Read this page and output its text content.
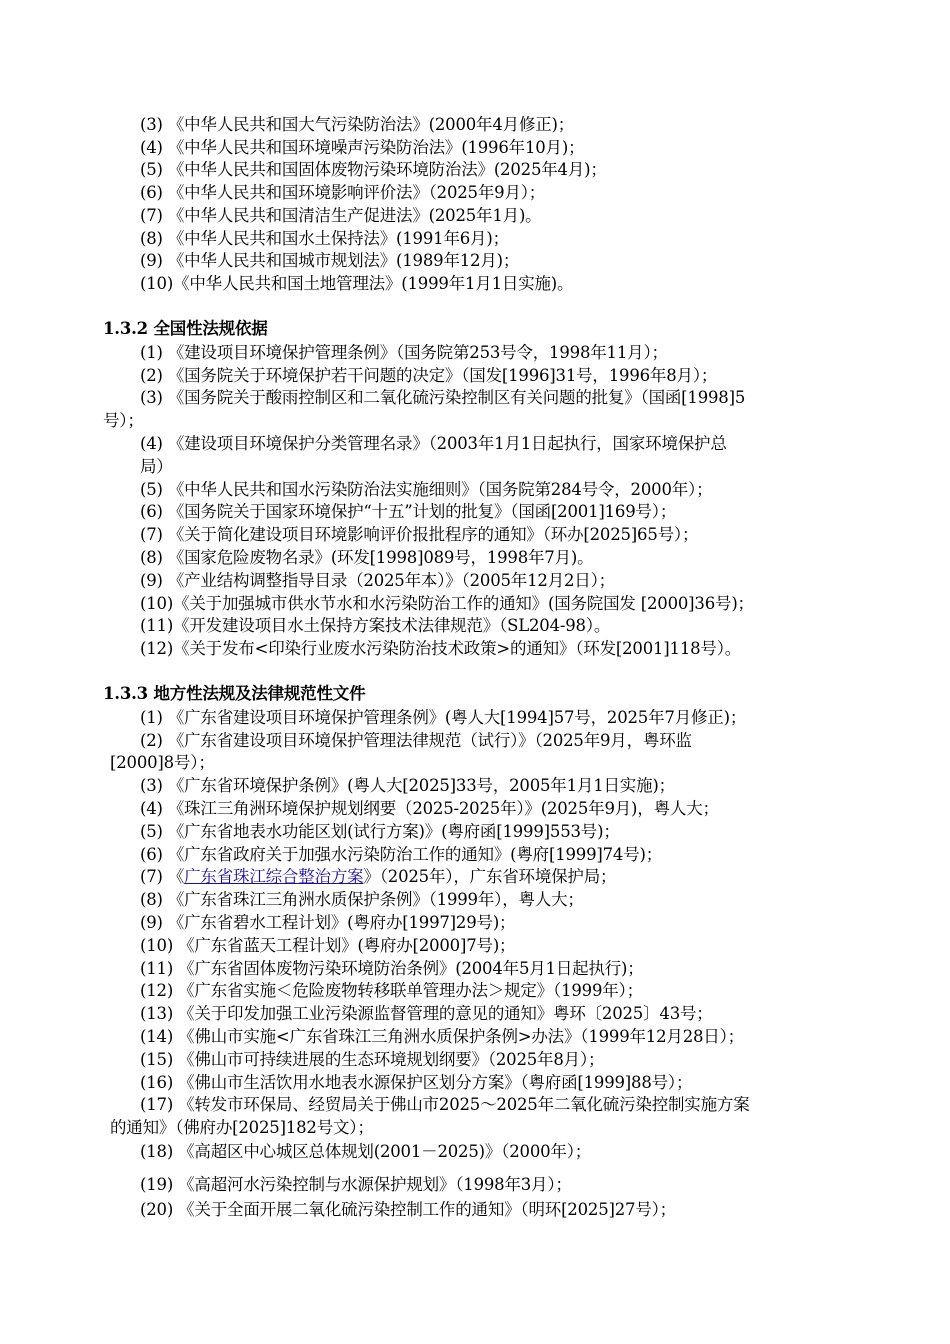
(3) 《中华人民共和国大气污染防治法》(2000年4月修正)；
(4) 《中华人民共和国环境噪声污染防治法》(1996年10月)；
(5) 《中华人民共和国固体废物污染环境防治法》(2025年4月)；
(6) 《中华人民共和国环境影响评价法》（2025年9月）；
(7) 《中华人民共和国清洁生产促进法》(2025年1月)。
(8) 《中华人民共和国水土保持法》(1991年6月)；
(9) 《中华人民共和国城市规划法》(1989年12月)；
(10)《中华人民共和国土地管理法》(1999年1月1日实施)。
1.3.2 全国性法规依据
(1) 《建设项目环境保护管理条例》（国务院第253号令，1998年11月）；
(2) 《国务院关于环境保护若干问题的决定》（国发[1996]31号，1996年8月）；
(3) 《国务院关于酸雨控制区和二氧化硫污染控制区有关问题的批复》（国函[1998]5
号）；
(4) 《建设项目环境保护分类管理名录》（2003年1月1日起执行，国家环境保护总
局）
(5) 《中华人民共和国水污染防治法实施细则》（国务院第284号令，2000年）；
(6) 《国务院关于国家环境保护“十五”计划的批复》（国函[2001]169号）；
(7) 《关于简化建设项目环境影响评价报批程序的通知》（环办[2025]65号）；
(8) 《国家危险废物名录》(环发[1998]089号，1998年7月)。
(9) 《产业结构调整指导目录（2025年本）》（2005年12月2日）；
(10)《关于加强城市供水节水和水污染防治工作的通知》(国务院国发 [2000]36号)；
(11)《开发建设项目水土保持方案技术法律规范》（SL204-98）。
(12)《关于发布<印染行业废水污染防治技术政策>的通知》（环发[2001]118号）。
1.3.3 地方性法规及法律规范性文件
(1) 《广东省建设项目环境保护管理条例》(粤人大[1994]57号，2025年7月修正)；
(2) 《广东省建设项目环境保护管理法律规范（试行）》（2025年9月，粤环监
[2000]8号）；
(3) 《广东省环境保护条例》(粤人大[2025]33号，2005年1月1日实施)；
(4) 《珠江三角洲环境保护规划纲要（2025-2025年）》(2025年9月)，粤人大；
(5) 《广东省地表水功能区划(试行方案)》(粤府函[1999]553号)；
(6) 《广东省政府关于加强水污染防治工作的通知》(粤府[1999]74号)；
(7) 《广东省珠江综合整治方案》（2025年），广东省环境保护局；
(8) 《广东省珠江三角洲水质保护条例》（1999年），粤人大；
(9) 《广东省碧水工程计划》(粤府办[1997]29号)；
(10) 《广东省蓝天工程计划》(粤府办[2000]7号)；
(11) 《广东省固体废物污染环境防治条例》(2004年5月1日起执行)；
(12) 《广东省实施＜危险废物转移联单管理办法＞规定》（1999年）；
(13) 《关于印发加强工业污染源监督管理的意见的通知》粤环〔2025〕43号；
(14) 《佛山市实施<广东省珠江三角洲水质保护条例>办法》（1999年12月28日）；
(15) 《佛山市可持续进展的生态环境规划纲要》（2025年8月）；
(16) 《佛山市生活饮用水地表水源保护区划分方案》（粤府函[1999]88号）；
(17) 《转发市环保局、经贸局关于佛山市2025～2025年二氧化硫污染控制实施方案
的通知》（佛府办[2025]182号文）；
(18) 《高超区中心城区总体规划(2001－2025)》（2000年）；
(19) 《高超河水污染控制与水源保护规划》（1998年3月）；
(20) 《关于全面开展二氧化硫污染控制工作的通知》（明环[2025]27号）；
